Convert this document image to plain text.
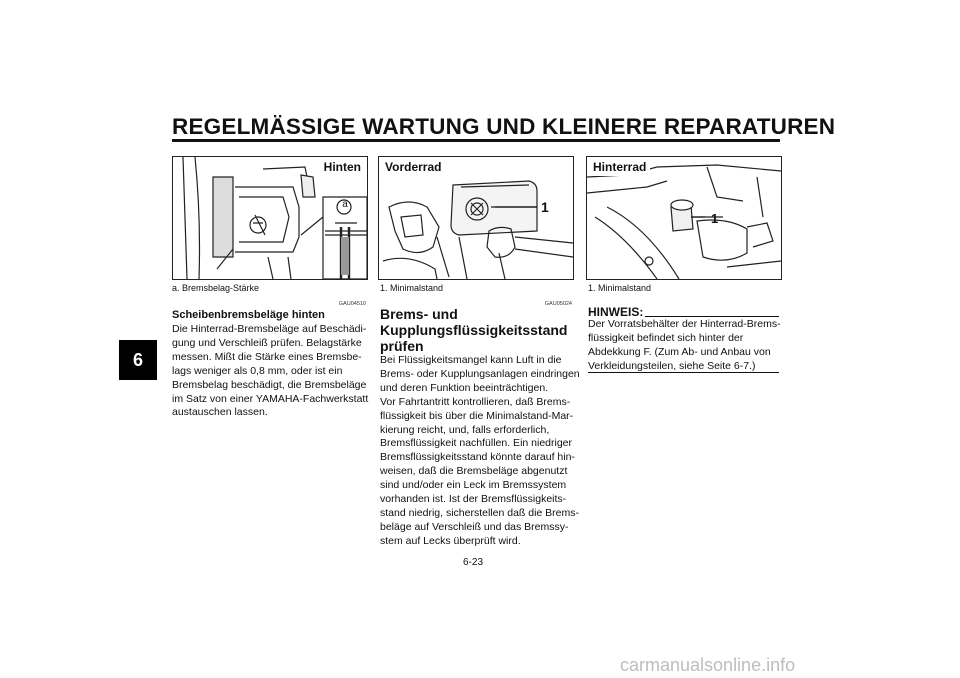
REGELMÄSSIGE WARTUNG UND KLEINERE REPARATUREN
6
Hinten
a
a. Bremsbelag-Stärke
GAU04510
Scheibenbremsbeläge hinten
Die Hinterrad-Bremsbeläge auf Beschädi-
gung und Verschleiß prüfen. Belagstärke
messen. Mißt die Stärke eines Bremsbe-
lags weniger als 0,8 mm, oder ist ein
Bremsbelag beschädigt, die Bremsbeläge
im Satz von einer YAMAHA-Fachwerkstatt
austauschen lassen.
Vorderrad
1
1. Minimalstand
GAU05024
Brems- und
Kupplungsflüssigkeitsstand
prüfen
Bei Flüssigkeitsmangel kann Luft in die
Brems- oder Kupplungsanlagen eindringen
und deren Funktion beeinträchtigen.
Vor Fahrtantritt kontrollieren, daß Brems-
flüssigkeit bis über die Minimalstand-Mar-
kierung reicht, und, falls erforderlich,
Bremsflüssigkeit nachfüllen. Ein niedriger
Bremsflüssigkeitsstand könnte darauf hin-
weisen, daß die Bremsbeläge abgenutzt
sind und/oder ein Leck im Bremssystem
vorhanden ist. Ist der Bremsflüssigkeits-
stand niedrig, sicherstellen daß die Brems-
beläge auf Verschleiß und das Bremssy-
stem auf Lecks überprüft wird.
Hinterrad
1
1. Minimalstand
HINWEIS:
Der Vorratsbehälter der Hinterrad-Brems-
flüssigkeit befindet sich hinter der
Abdekkung F. (Zum Ab- und Anbau von
Verkleidungsteilen, siehe Seite 6-7.)
6-23
carmanualsonline.info
